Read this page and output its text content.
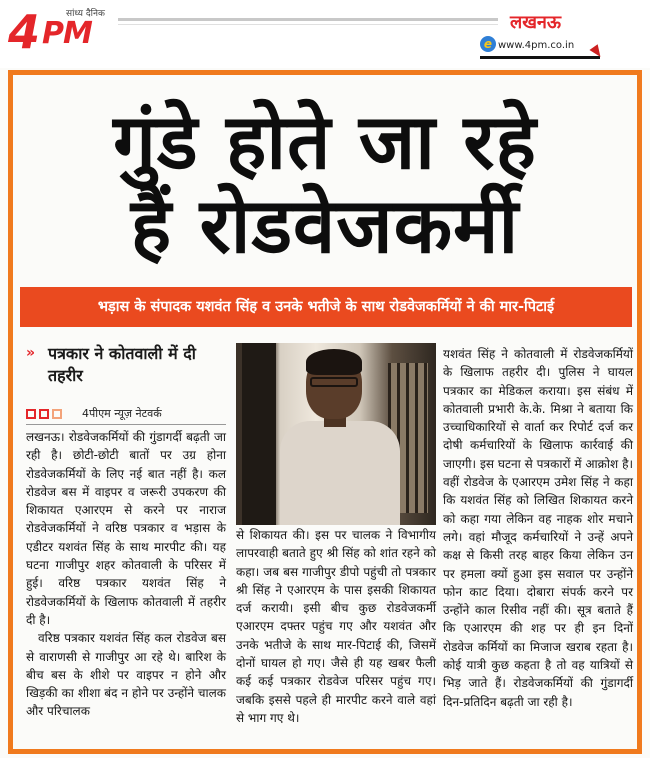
4 PM
सांध्य दैनिक	लखनऊ
e www.4pm.co.in
गुंडे होते जा रहे
हैं रोडवेजकर्मी
भड़ास के संपादक यशवंत सिंह व उनके भतीजे के साथ रोडवेजकर्मियों ने की मार-पिटाई
» पत्रकार ने कोतवाली में दी तहरीर
4पीएम न्यूज़ नेटवर्क

लखनऊ। रोडवेजकर्मियों की गुंडागर्दी बढ़ती जा रही है। छोटी-छोटी बातों पर उग्र होना रोडवेजकर्मियों के लिए नई बात नहीं है। कल रोडवेज बस में वाइपर व जरूरी उपकरण की शिकायत एआरएम से करने पर नाराज रोडवेजकर्मियों ने वरिष्ठ पत्रकार व भड़ास के एडीटर यशवंत सिंह के साथ मारपीट की। यह घटना गाजीपुर शहर कोतवाली के परिसर में हुई। वरिष्ठ पत्रकार यशवंत सिंह ने रोडवेजकर्मियों के खिलाफ कोतवाली में तहरीर दी है।

वरिष्ठ पत्रकार यशवंत सिंह कल रोडवेज बस से वाराणसी से गाजीपुर आ रहे थे। बारिश के बीच बस के शीशे पर वाइपर न होने और खिड़की का शीशा बंद न होने पर उन्होंने चालक और परिचालक

से शिकायत की। इस पर चालक ने विभागीय लापरवाही बताते हुए श्री सिंह को शांत रहने को कहा। जब बस गाजीपुर डीपो पहुंची तो पत्रकार श्री सिंह ने एआरएम के पास इसकी शिकायत दर्ज करायी। इसी बीच कुछ रोडवेजकर्मी एआरएम दफ्तर पहुंच गए और यशवंत और उनके भतीजे के साथ मार-पिटाई की, जिसमें दोनों घायल हो गए। जैसे ही यह खबर फैली कई कई पत्रकार रोडवेज परिसर पहुंच गए। जबकि इससे पहले ही मारपीट करने वाले वहां से भाग गए थे।

यशवंत सिंह ने कोतवाली में रोडवेजकर्मियों के खिलाफ तहरीर दी। पुलिस ने घायल पत्रकार का मेडिकल कराया। इस संबंध में कोतवाली प्रभारी के.के. मिश्रा ने बताया कि उच्चाधिकारियों से वार्ता कर रिपोर्ट दर्ज कर दोषी कर्मचारियों के खिलाफ कार्रवाई की जाएगी। इस घटना से पत्रकारों में आक्रोश है। वहीं रोडवेज के एआरएम उमेश सिंह ने कहा कि यशवंत सिंह को लिखित शिकायत करने को कहा गया लेकिन वह नाहक शोर मचाने लगे। वहां मौजूद कर्मचारियों ने उन्हें अपने कक्ष से किसी तरह बाहर किया लेकिन उन पर हमला क्यों हुआ इस सवाल पर उन्होंने फोन काट दिया। दोबारा संपर्क करने पर उन्होंने काल रिसीव नहीं की। सूत्र बताते हैं कि एआरएम की शह पर ही इन दिनों रोडवेज कर्मियों का मिजाज खराब रहता है। कोई यात्री कुछ कहता है तो वह यात्रियों से भिड़ जाते हैं। रोडवेजकर्मियों की गुंडागर्दी दिन-प्रतिदिन बढ़ती जा रही है।
